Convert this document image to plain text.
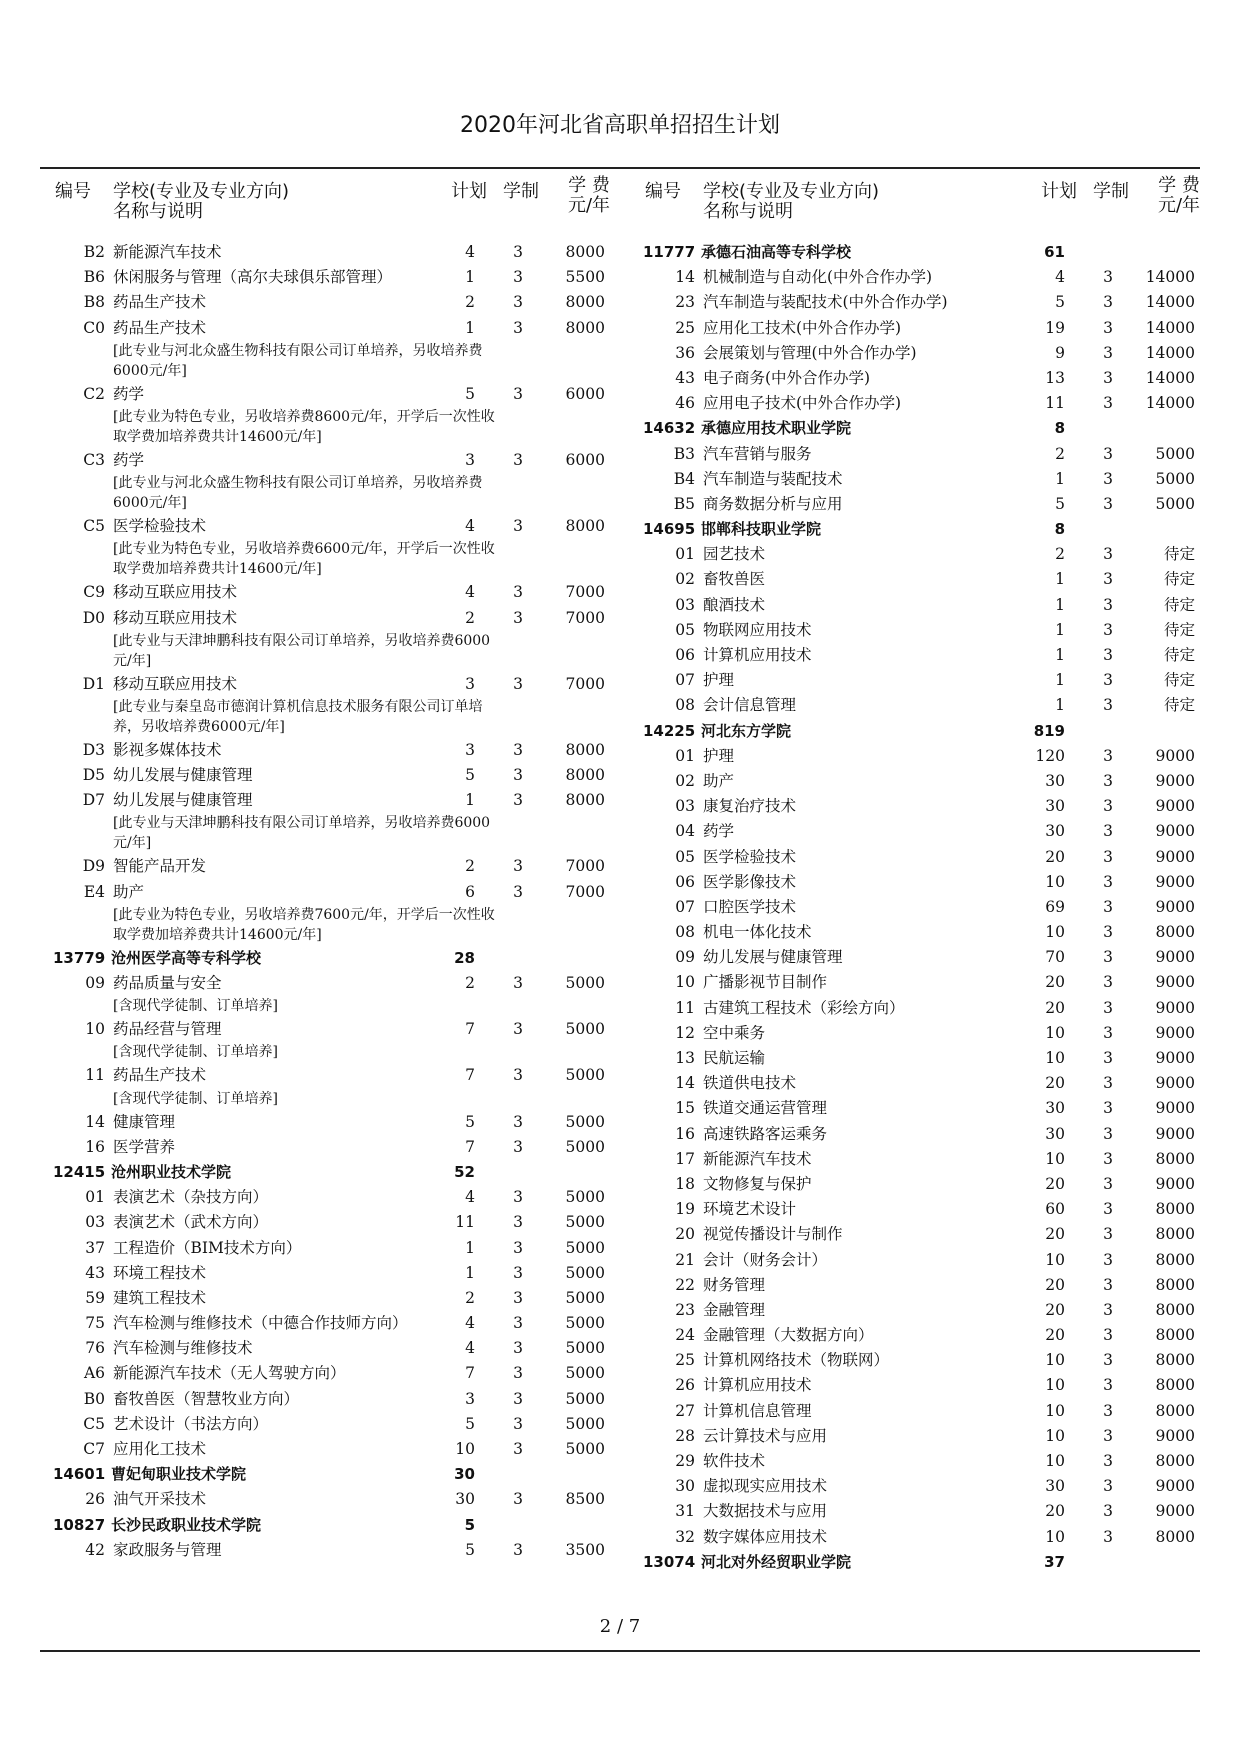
2020年河北省高职单招招生计划
编号 学校(专业及专业方向)
名称与说明
计划 学制 学 费
元/年
B2 新能源汽车技术	4	3	8000
B6 休闲服务与管理（高尔夫球俱乐部管理）	1	3	5500
B8 药品生产技术	2	3	8000
C0 药品生产技术	1	3	8000
[此专业与河北众盛生物科技有限公司订单培养，另收培养费6000元/年]
C2 药学	5	3	6000
[此专业为特色专业，另收培养费8600元/年，开学后一次性收取学费加培养费共计14600元/年]
C3 药学	3	3	6000
[此专业与河北众盛生物科技有限公司订单培养，另收培养费6000元/年]
C5 医学检验技术	4	3	8000
[此专业为特色专业，另收培养费6600元/年，开学后一次性收取学费加培养费共计14600元/年]
C9 移动互联应用技术	4	3	7000
D0 移动互联应用技术	2	3	7000
[此专业与天津坤鹏科技有限公司订单培养，另收培养费6000元/年]
D1 移动互联应用技术	3	3	7000
[此专业与秦皇岛市德润计算机信息技术服务有限公司订单培养，另收培养费6000元/年]
D3 影视多媒体技术	3	3	8000
D5 幼儿发展与健康管理	5	3	8000
D7 幼儿发展与健康管理	1	3	8000
[此专业与天津坤鹏科技有限公司订单培养，另收培养费6000元/年]
D9 智能产品开发	2	3	7000
E4 助产	6	3	7000
[此专业为特色专业，另收培养费7600元/年，开学后一次性收取学费加培养费共计14600元/年]
13779 沧州医学高等专科学校	28
09 药品质量与安全	2	3	5000
[含现代学徒制、订单培养]
10 药品经营与管理	7	3	5000
[含现代学徒制、订单培养]
11 药品生产技术	7	3	5000
[含现代学徒制、订单培养]
14 健康管理	5	3	5000
16 医学营养	7	3	5000
12415 沧州职业技术学院	52
01 表演艺术（杂技方向）	4	3	5000
03 表演艺术（武术方向）	11	3	5000
37 工程造价（BIM技术方向）	1	3	5000
43 环境工程技术	1	3	5000
59 建筑工程技术	2	3	5000
75 汽车检测与维修技术（中德合作技师方向）	4	3	5000
76 汽车检测与维修技术	4	3	5000
A6 新能源汽车技术（无人驾驶方向）	7	3	5000
B0 畜牧兽医（智慧牧业方向）	3	3	5000
C5 艺术设计（书法方向）	5	3	5000
C7 应用化工技术	10	3	5000
14601 曹妃甸职业技术学院	30
26 油气开采技术	30	3	8500
10827 长沙民政职业技术学院	5
42 家政服务与管理	5	3	3500
编号 学校(专业及专业方向)
名称与说明
计划 学制 学 费
元/年
11777 承德石油高等专科学校	61
14 机械制造与自动化(中外合作办学)	4	3	14000
23 汽车制造与装配技术(中外合作办学)	5	3	14000
25 应用化工技术(中外合作办学)	19	3	14000
36 会展策划与管理(中外合作办学)	9	3	14000
43 电子商务(中外合作办学)	13	3	14000
46 应用电子技术(中外合作办学)	11	3	14000
14632 承德应用技术职业学院	8
B3 汽车营销与服务	2	3	5000
B4 汽车制造与装配技术	1	3	5000
B5 商务数据分析与应用	5	3	5000
14695 邯郸科技职业学院	8
01 园艺技术	2	3	待定
02 畜牧兽医	1	3	待定
03 酿酒技术	1	3	待定
05 物联网应用技术	1	3	待定
06 计算机应用技术	1	3	待定
07 护理	1	3	待定
08 会计信息管理	1	3	待定
14225 河北东方学院	819
01 护理	120	3	9000
02 助产	30	3	9000
03 康复治疗技术	30	3	9000
04 药学	30	3	9000
05 医学检验技术	20	3	9000
06 医学影像技术	10	3	9000
07 口腔医学技术	69	3	9000
08 机电一体化技术	10	3	8000
09 幼儿发展与健康管理	70	3	9000
10 广播影视节目制作	20	3	9000
11 古建筑工程技术（彩绘方向）	20	3	9000
12 空中乘务	10	3	9000
13 民航运输	10	3	9000
14 铁道供电技术	20	3	9000
15 铁道交通运营管理	30	3	9000
16 高速铁路客运乘务	30	3	9000
17 新能源汽车技术	10	3	8000
18 文物修复与保护	20	3	9000
19 环境艺术设计	60	3	8000
20 视觉传播设计与制作	20	3	8000
21 会计（财务会计）	10	3	8000
22 财务管理	20	3	8000
23 金融管理	20	3	8000
24 金融管理（大数据方向）	20	3	8000
25 计算机网络技术（物联网）	10	3	8000
26 计算机应用技术	10	3	8000
27 计算机信息管理	10	3	8000
28 云计算技术与应用	10	3	9000
29 软件技术	10	3	8000
30 虚拟现实应用技术	30	3	9000
31 大数据技术与应用	20	3	9000
32 数字媒体应用技术	10	3	8000
13074 河北对外经贸职业学院	37
2 / 7
